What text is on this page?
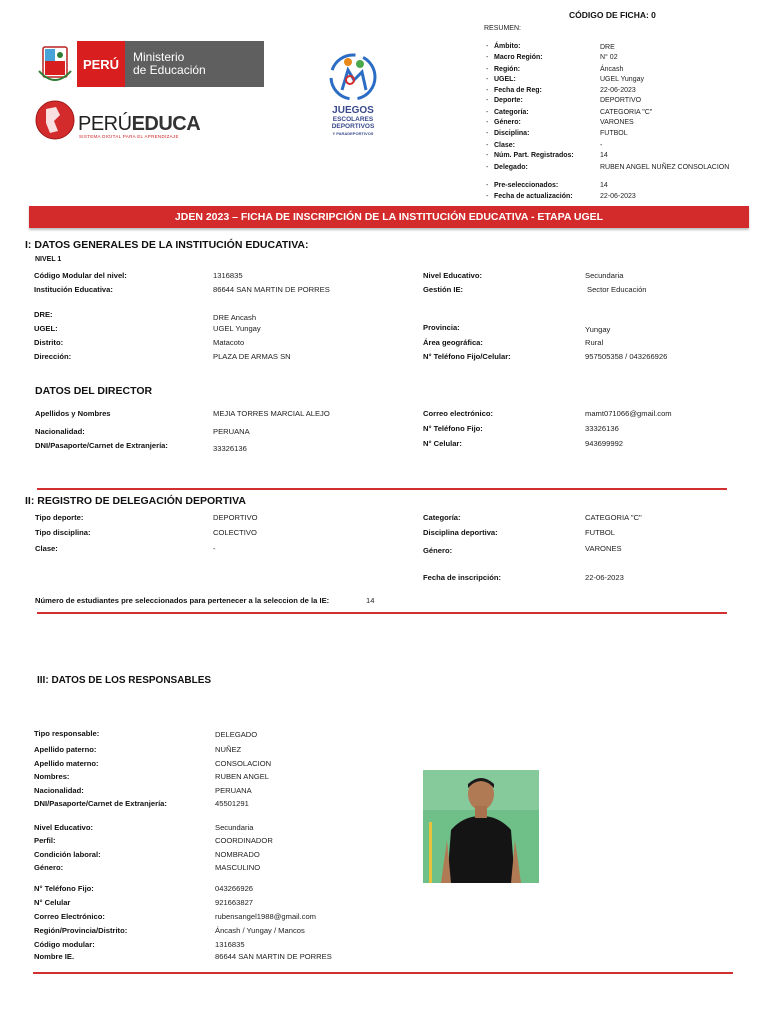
PERÚ	Ministerio
de Educación
PERÚEDUCA
SISTEMA DIGITAL PARA EL APRENDIZAJE
JUEGOS
ESCOLARES
DEPORTIVOS
Y PARADEPORTIVOS
CÓDIGO DE FICHA: 0
RESUMEN:
- Ámbito:	DRE
- Macro Región:	N° 02
- Región:	Áncash
- UGEL:	UGEL Yungay
- Fecha de Reg:	22-06-2023
- Deporte:	DEPORTIVO
- Categoría:	CATEGORIA "C"
- Género:	VARONES
- Disciplina:	FUTBOL
- Clase:	-
- Núm. Part. Registrados:	14
- Delegado:	RUBEN ANGEL NUÑEZ CONSOLACION
- Pre-seleccionados:	14
- Fecha de actualización:	22-06-2023
JDEN 2023 – FICHA DE INSCRIPCIÓN DE LA INSTITUCIÓN EDUCATIVA - ETAPA UGEL
I: DATOS GENERALES DE LA INSTITUCIÓN EDUCATIVA:
NIVEL 1
Código Modular del nivel:	1316835	Nivel Educativo:	Secundaria
Institución Educativa:	86644 SAN MARTIN DE PORRES	Gestión IE:	Sector Educación
DRE:	DRE Ancash
UGEL:	UGEL Yungay	Provincia:	Yungay
Distrito:	Matacoto	Área geográfica:	Rural
Dirección:	PLAZA DE ARMAS SN	N° Teléfono Fijo/Celular:	957505358 / 043266926
DATOS DEL DIRECTOR
Apellidos y Nombres	MEJIA TORRES MARCIAL ALEJO	Correo electrónico:	mamt071066@gmail.com
Nacionalidad:	PERUANA	N° Teléfono Fijo:	33326136
DNI/Pasaporte/Carnet de Extranjería:	33326136
N° Celular:	943699992
II: REGISTRO DE DELEGACIÓN DEPORTIVA
Tipo deporte:	DEPORTIVO	Categoría:	CATEGORIA "C"
Tipo disciplina:	COLECTIVO	Disciplina deportiva:	FUTBOL
Clase:	-	Género:	VARONES
Fecha de inscripción:	22-06-2023
Número de estudiantes pre seleccionados para pertenecer a la seleccion de la IE:	14
III: DATOS DE LOS RESPONSABLES
Tipo responsable:	DELEGADO
Apellido paterno:	NUÑEZ
Apellido materno:	CONSOLACION
Nombres:	RUBEN ANGEL
Nacionalidad:	PERUANA
DNI/Pasaporte/Carnet de Extranjería:	45501291
Nivel Educativo:	Secundaria
Perfil:	COORDINADOR
Condición laboral:	NOMBRADO
Género:	MASCULINO
N° Teléfono Fijo:	043266926
N° Celular	921663827
Correo Electrónico:	rubensangel1988@gmail.com
Región/Provincia/Distrito:	Áncash / Yungay / Mancos
Código modular:	1316835
Nombre IE.	86644 SAN MARTIN DE PORRES
